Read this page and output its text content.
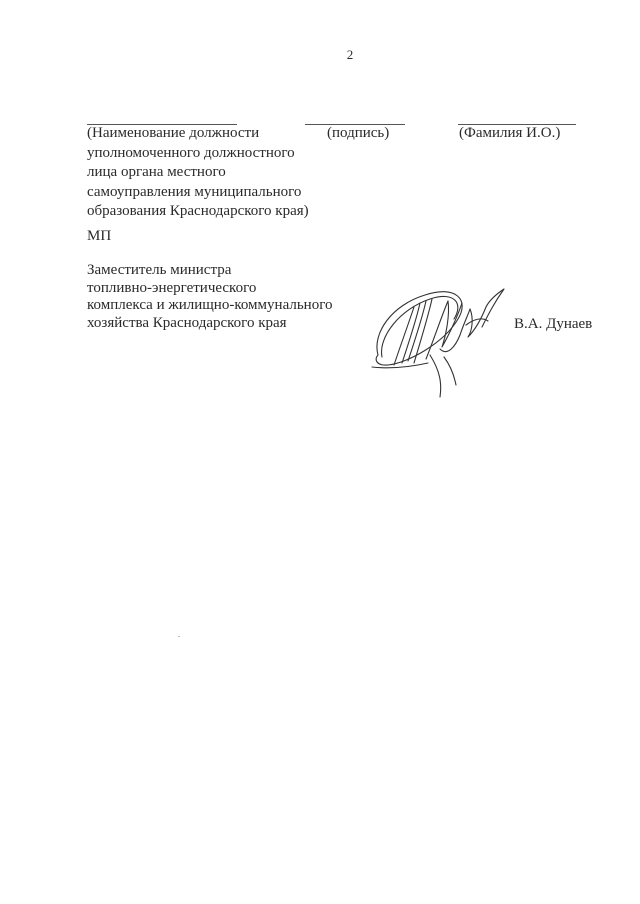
2
(Наименование должности
уполномоченного должностного
лица органа местного
самоуправления муниципального
образования Краснодарского края)
(подпись)	(Фамилия И.О.)
МП
Заместитель министра
топливно-энергетического
комплекса и жилищно-коммунального
хозяйства Краснодарского края	В.А. Дунаев
